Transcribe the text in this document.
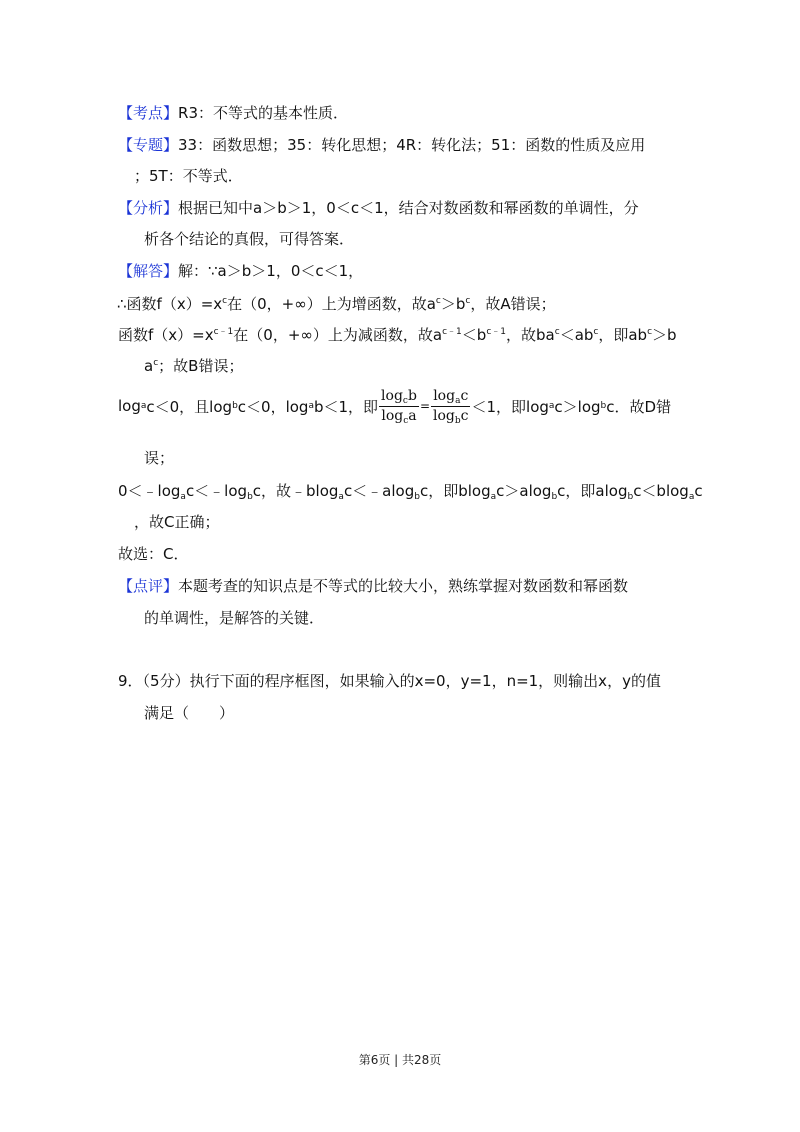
【考点】R3：不等式的基本性质．
【专题】33：函数思想；35：转化思想；4R：转化法；51：函数的性质及应用
；5T：不等式．
【分析】根据已知中a＞b＞1，0＜c＜1，结合对数函数和幂函数的单调性，分
析各个结论的真假，可得答案．
【解答】解：∵a＞b＞1，0＜c＜1，
∴函数$f(x)=x^c$在（0，+∞）上为增函数，故$a^c>b^c$，故A错误；
函数$f(x)=x^{c﹣1}$在（0，+∞）上为减函数，故$a^{c﹣1}<b^{c﹣1}$，故$ba^c<ab^c$，即$ab^c>b$
$a^c$；故B错误；
log a c＜0，且log b c＜0，log a b＜1，即 $\frac{\log_cb}{\log_ca} = \frac{\log_ac}{\log_bc} <1$，即log a c＞log b c．故D错
误；
$0<﹣\log_ac<﹣\log_bc$，故﹣blog$_a$c＜﹣alog$_b$c，即blog$_a$c＞alog$_b$c，即alog$_b$c＜blog$_a$c
，故C正确；
故选：C．
【点评】本题考查的知识点是不等式的比较大小，熟练掌握对数函数和幂函数
的单调性，是解答的关键．
9．（5分）执行下面的程序框图，如果输入的x=0，y=1，n=1，则输出x，y的值
满足（　　）
第6页 | 共28页
